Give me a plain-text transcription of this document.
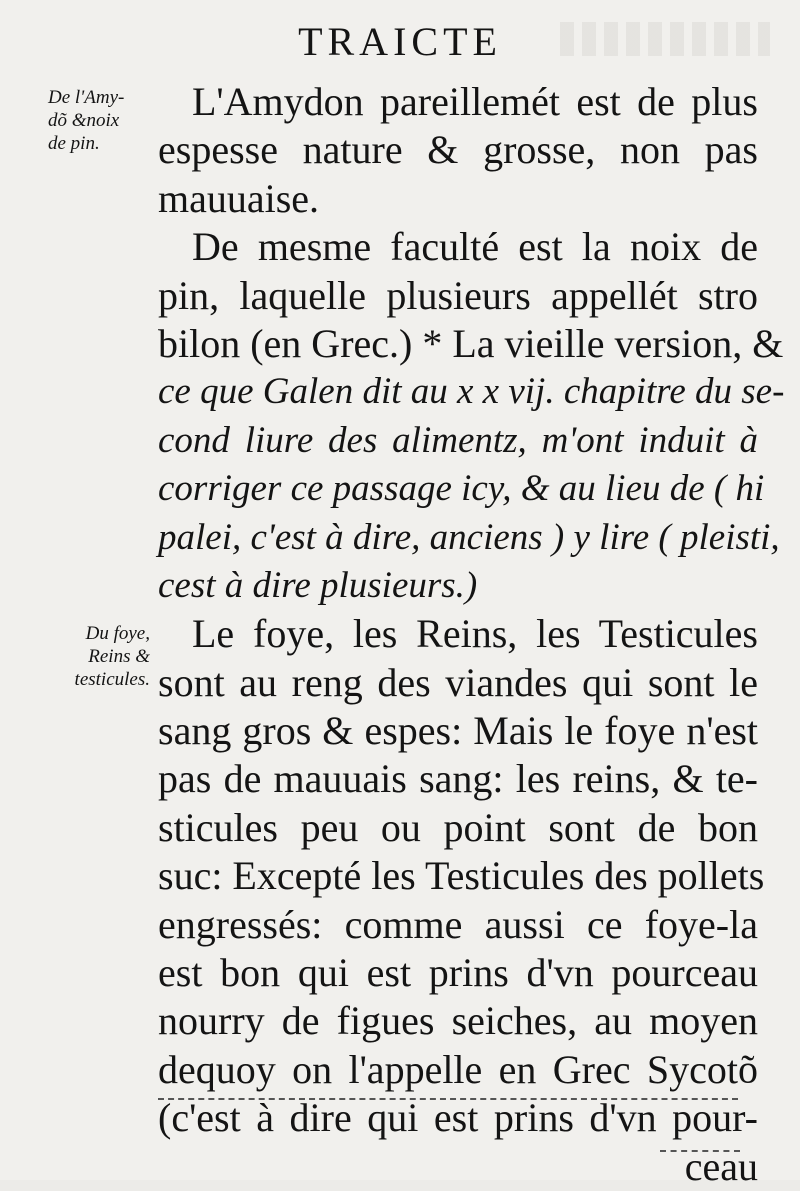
TRAICTE
De l'Amy-
dõ &noix
de pin.
Du foye,
Reins &
testicules.
L'Amydon pareillemét est de plus
espesse nature & grosse, non pas
mauuaise.
De mesme faculté est la noix de
pin, laquelle plusieurs appellét stro
bilon (en Grec.) * La vieille version, &
ce que Galen dit au x x vij. chapitre du se-
cond liure des alimentz, m'ont induit à
corriger ce passage icy, & au lieu de ( hi
palei, c'est à dire, anciens ) y lire ( pleisti,
cest à dire plusieurs.)
Le foye, les Reins, les Testicules
sont au reng des viandes qui sont le
sang gros & espes: Mais le foye n'est
pas de mauuais sang: les reins, & te-
sticules peu ou point sont de bon
suc: Excepté les Testicules des pollets
engressés: comme aussi ce foye-la
est bon qui est prins d'vn pourceau
nourry de figues seiches, au moyen
dequoy on l'appelle en Grec Sycotõ
(c'est à dire qui est prins d'vn pour-
ceau
